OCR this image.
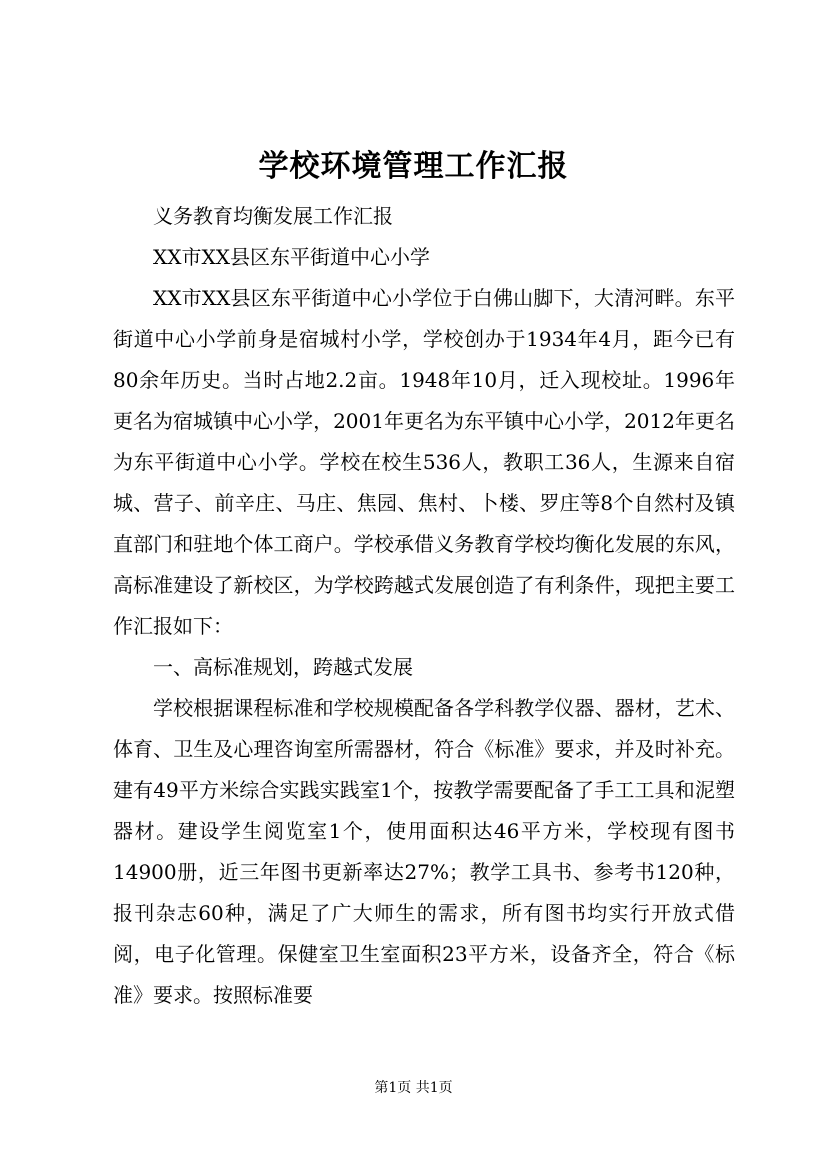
学校环境管理工作汇报

义务教育均衡发展工作汇报

XX市XX县区东平街道中心小学

XX市XX县区东平街道中心小学位于白佛山脚下，大清河畔。东平街道中心小学前身是宿城村小学，学校创办于1934年4月，距今已有80余年历史。当时占地2.2亩。1948年10月，迁入现校址。1996年更名为宿城镇中心小学，2001年更名为东平镇中心小学，2012年更名为东平街道中心小学。学校在校生536人，教职工36人，生源来自宿城、营子、前辛庄、马庄、焦园、焦村、卜楼、罗庄等8个自然村及镇直部门和驻地个体工商户。学校承借义务教育学校均衡化发展的东风，高标准建设了新校区，为学校跨越式发展创造了有利条件，现把主要工作汇报如下：

一、高标准规划，跨越式发展

学校根据课程标准和学校规模配备各学科教学仪器、器材，艺术、体育、卫生及心理咨询室所需器材，符合《标准》要求，并及时补充。建有49平方米综合实践实践室1个，按教学需要配备了手工工具和泥塑器材。建设学生阅览室1个，使用面积达46平方米，学校现有图书14900册，近三年图书更新率达27%；教学工具书、参考书120种，报刊杂志60种，满足了广大师生的需求，所有图书均实行开放式借阅，电子化管理。保健室卫生室面积23平方米，设备齐全，符合《标准》要求。按照标准要

第1页 共1页
